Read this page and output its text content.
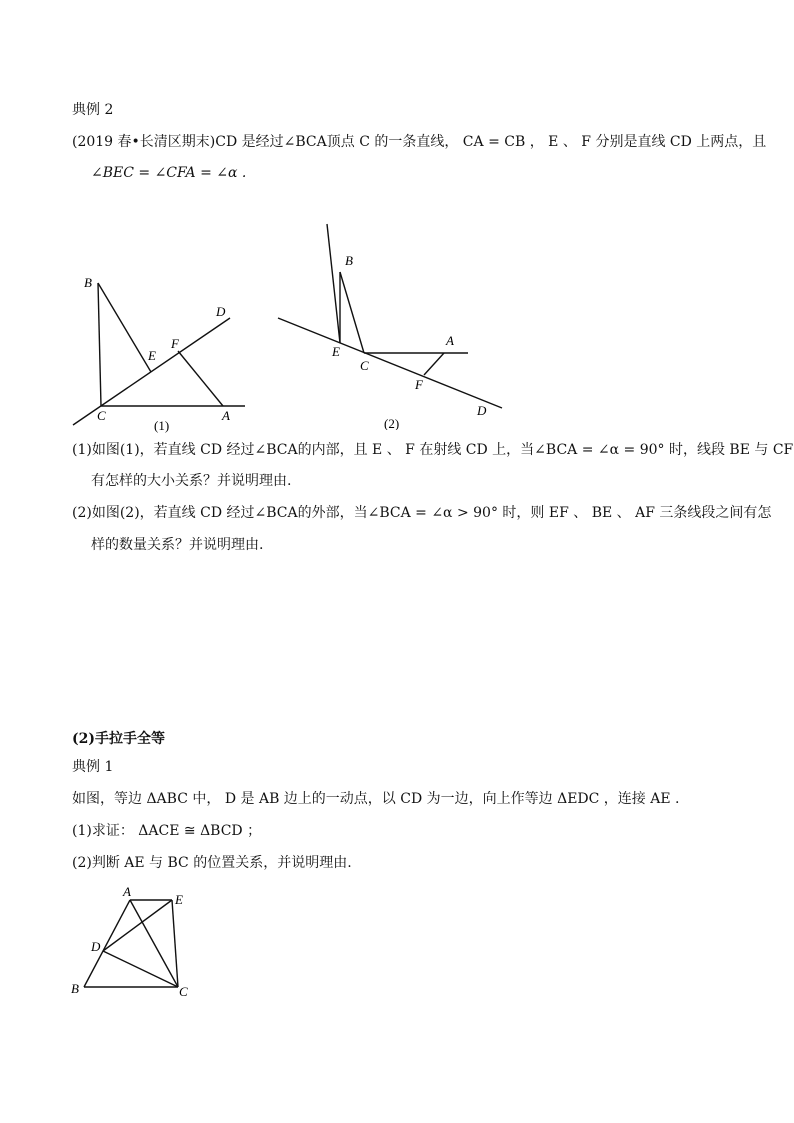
典例 2
(2019 春•长清区期末)CD 是经过∠BCA顶点 C 的一条直线， CA = CB ， E 、 F 分别是直线 CD 上两点，且
∠BEC = ∠CFA = ∠α .
B
D
F
E
C	A
(1)
B
E
C
A
F
D
(2)
(1)如图(1)，若直线 CD 经过∠BCA的内部，且 E 、 F 在射线 CD 上，当∠BCA = ∠α = 90° 时，线段 BE 与 CF
有怎样的大小关系？并说明理由.
(2)如图(2)，若直线 CD 经过∠BCA的外部，当∠BCA = ∠α > 90° 时，则 EF 、 BE 、 AF 三条线段之间有怎
样的数量关系？并说明理由.
(2)手拉手全等
典例 1
如图，等边 ΔABC 中， D 是 AB 边上的一动点，以 CD 为一边，向上作等边 ΔEDC ，连接 AE .
(1)求证： ΔACE ≅ ΔBCD ；
(2)判断 AE 与 BC 的位置关系，并说明理由.
A
E
D
B	C
